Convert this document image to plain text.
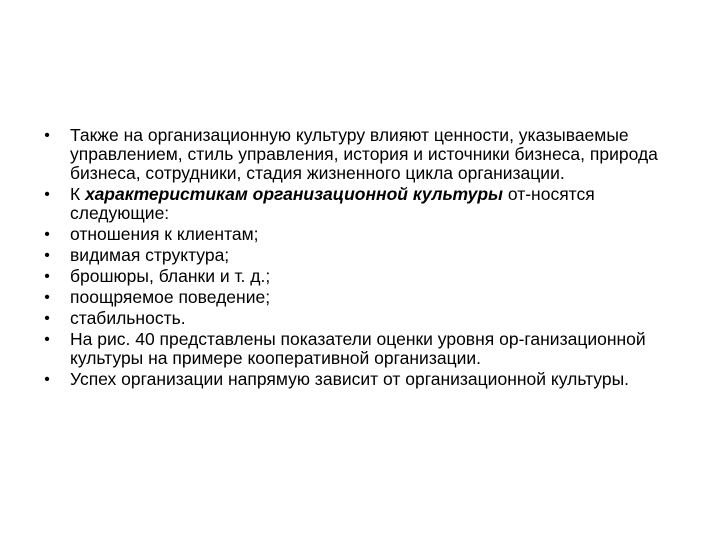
• Также на организационную культуру влияют ценности, указываемые управлением, стиль управления, история и источники бизнеса, природа бизнеса, сотрудники, стадия жизненного цикла организации.
• К характеристикам организационной культуры от-носятся следующие:
• отношения к клиентам;
• видимая структура;
• брошюры, бланки и т. д.;
• поощряемое поведение;
• стабильность.
• На рис. 40 представлены показатели оценки уровня ор-ганизационной культуры на примере кооперативной организации.
• Успех организации напрямую зависит от организационной культуры.
